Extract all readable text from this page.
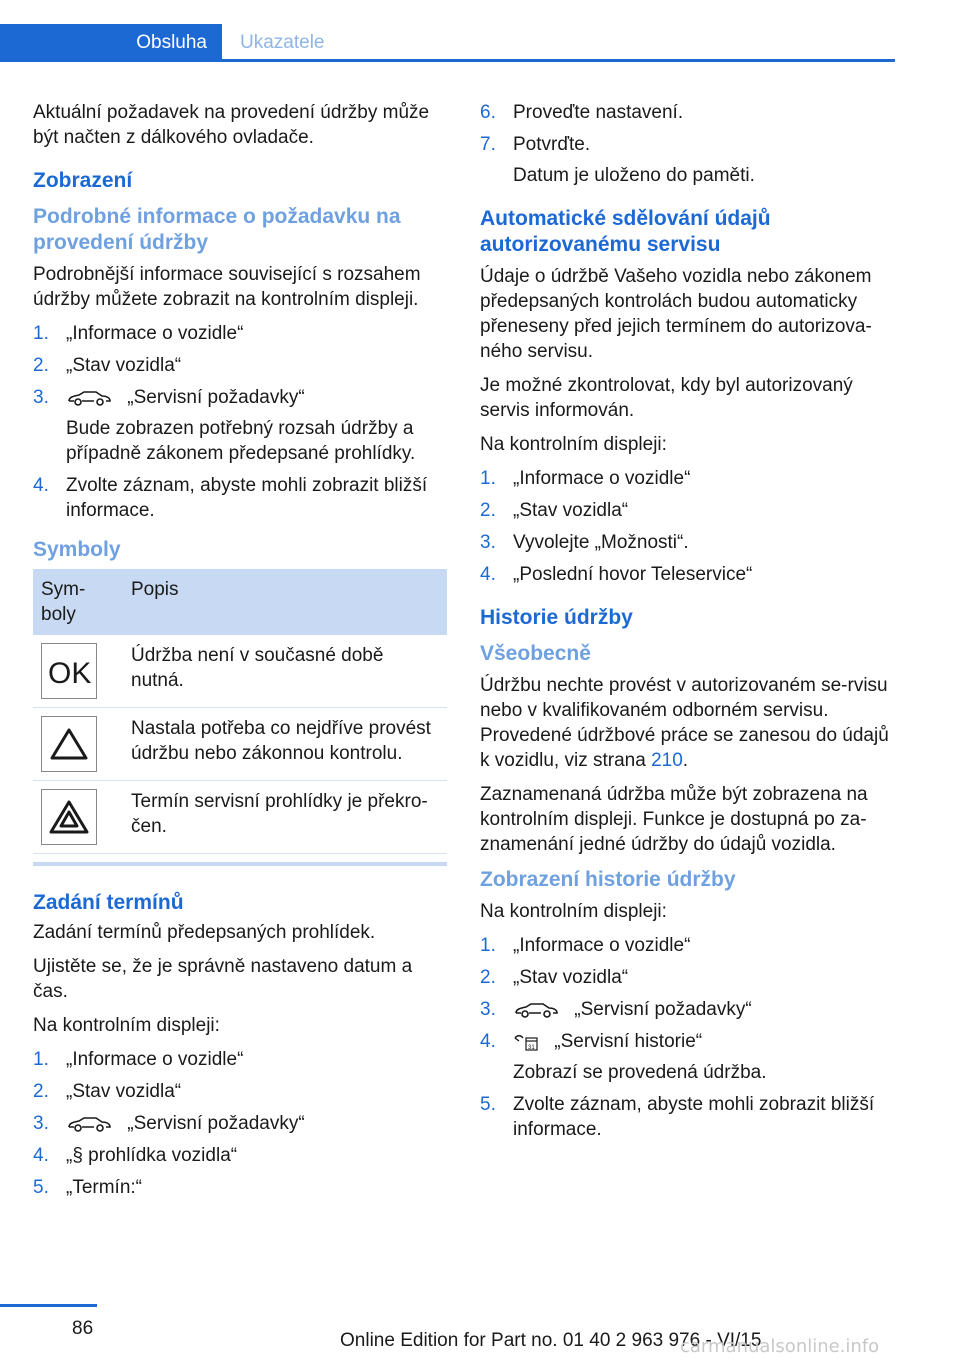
Obsluha	Ukazatele

Aktuální požadavek na provedení údržby může být načten z dálkového ovladače.

Zobrazení
Podrobné informace o požadavku na provedení údržby

Podrobnější informace související s rozsahem údržby můžete zobrazit na kontrolním displeji.

1. „Informace o vozidle“
2. „Stav vozidla“
3.	„Servisní požadavky“
Bude zobrazen potřebný rozsah údržby a případně zákonem předepsané prohlídky.
4. Zvolte záznam, abyste mohli zobrazit bližší informace.
Symboly
Sym-boly	Popis

OK	Údržba není v současné době nutná.

	Nastala potřeba co nejdříve provést údržbu nebo zákonnou kontrolu.

	Termín servisní prohlídky je překro-čen.
Zadání termínů

Zadání termínů předepsaných prohlídek.

Ujistěte se, že je správně nastaveno datum a čas.

Na kontrolním displeji:

1. „Informace o vozidle“
2. „Stav vozidla“
3.	„Servisní požadavky“
4. „§ prohlídka vozidla“
5. „Termín:“
6. Proveďte nastavení.
7. Potvrďte.
Datum je uloženo do paměti.
Automatické sdělování údajů autorizovanému servisu

Údaje o údržbě Vašeho vozidla nebo zákonem předepsaných kontrolách budou automaticky přeneseny před jejich termínem do autorizova-ného servisu.

Je možné zkontrolovat, kdy byl autorizovaný servis informován.

Na kontrolním displeji:

1. „Informace o vozidle“
2. „Stav vozidla“
3. Vyvolejte „Možnosti“.
4. „Poslední hovor Teleservice“
Historie údržby
Všeobecně

Údržbu nechte provést v autorizovaném se-rvisu nebo v kvalifikovaném odborném servisu. Provedené údržbové práce se zanesou do údajů k vozidlu, viz strana 210.

Zaznamenaná údržba může být zobrazena na kontrolním displeji. Funkce je dostupná po za-znamenání jedné údržby do údajů vozidla.

Zobrazení historie údržby

Na kontrolním displeji:

1. „Informace o vozidle“
2. „Stav vozidla“
3.	„Servisní požadavky“
4.	31 „Servisní historie“
Zobrazí se provedená údržba.
5. Zvolte záznam, abyste mohli zobrazit bližší informace.
86
Online Edition for Part no. 01 40 2 963 976 - VI/15
carmanualsonline.info
